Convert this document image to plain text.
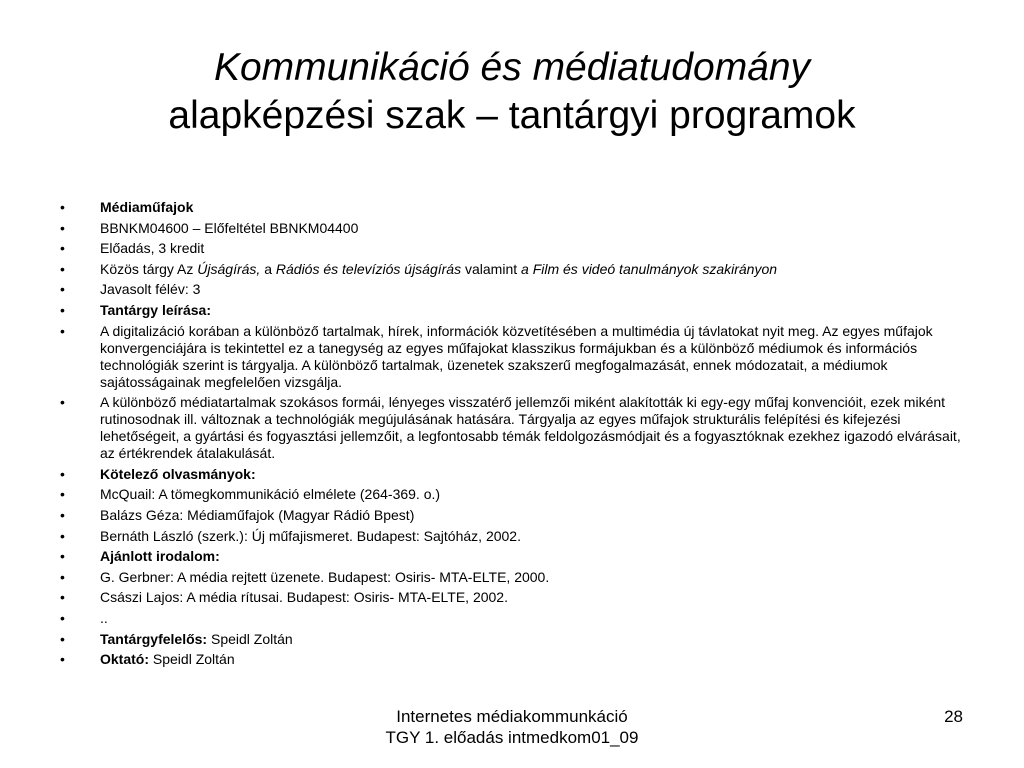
Kommunikáció és médiatudomány
alapképzési szak – tantárgyi programok
•	Médiaműfajok
•	BBNKM04600 – Előfeltétel BBNKM04400
•	Előadás, 3 kredit
•	Közös tárgy Az Újságírás, a Rádiós és televíziós újságírás valamint a Film és videó tanulmányok szakirányon
•	Javasolt félév: 3
•	Tantárgy leírása:
•	A digitalizáció korában a különböző tartalmak, hírek, információk közvetítésében a multimédia új távlatokat nyit meg. Az egyes műfajok konvergenciájára is tekintettel ez a tanegység az egyes műfajokat klasszikus formájukban és a különböző médiumok és információs technológiák szerint is tárgyalja. A különböző tartalmak, üzenetek szakszerű megfogalmazását, ennek módozatait, a médiumok sajátosságainak megfelelően vizsgálja.
•	A különböző médiatartalmak szokásos formái, lényeges visszatérő jellemzői miként alakították ki egy-egy műfaj konvencióit, ezek miként rutinosodnak ill. változnak a technológiák megújulásának hatására. Tárgyalja az egyes műfajok strukturális felépítési és kifejezési lehetőségeit, a gyártási és fogyasztási jellemzőit, a legfontosabb témák feldolgozásmódjait és a fogyasztóknak ezekhez igazodó elvárásait, az értékrendek átalakulását.
•	Kötelező olvasmányok:
•	McQuail: A tömegkommunikáció elmélete (264-369. o.)
•	Balázs Géza: Médiaműfajok (Magyar Rádió Bpest)
•	Bernáth László (szerk.): Új műfajismeret. Budapest: Sajtóház, 2002.
•	Ajánlott irodalom:
•	G. Gerbner: A média rejtett üzenete. Budapest: Osiris- MTA-ELTE, 2000.
•	Császi Lajos: A média rítusai. Budapest: Osiris- MTA-ELTE, 2002.
•	..
•	Tantárgyfelelős: Speidl Zoltán
•	Oktató: Speidl Zoltán
Internetes médiakommunkáció
TGY 1. előadás intmedkom01_09
28
